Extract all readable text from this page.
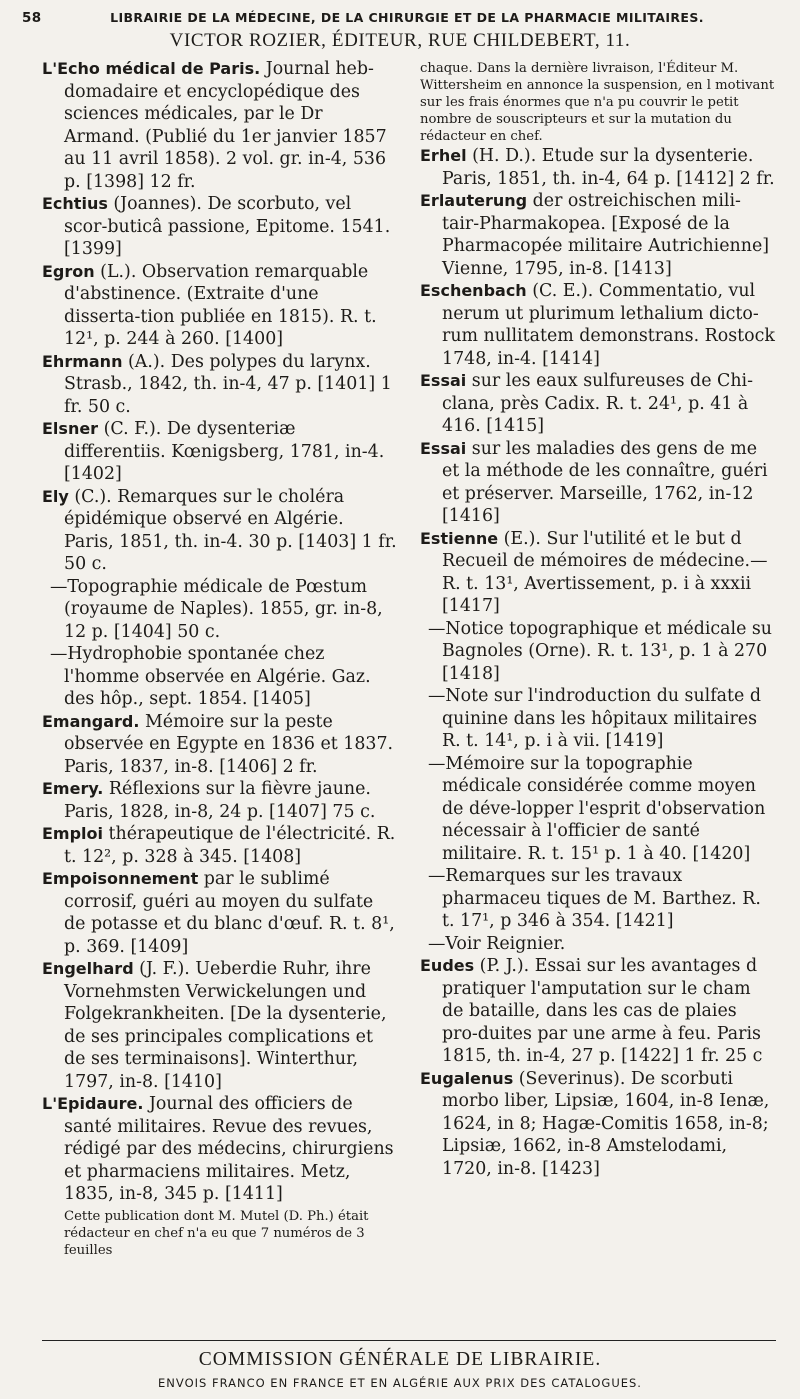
58	LIBRAIRIE DE LA MÉDECINE, DE LA CHIRURGIE ET DE LA PHARMACIE MILITAIRES.
VICTOR ROZIER, ÉDITEUR, RUE CHILDEBERT, 11.
L'Echo médical de Paris. Journal heb-domadaire et encyclopédique des sciences médicales, par le Dr Armand. (Publié du 1er janvier 1857 au 11 avril 1858). 2 vol. gr. in-4, 536 p. [1398] 12 fr.
Echtius (Joannes). De scorbuto, vel scor-buticâ passione, Epitome. 1541. [1399]
Egron (L.). Observation remarquable d'abstinence. (Extraite d'une disserta-tion publiée en 1815). R. t. 12¹, p. 244 à 260. [1400]
Ehrmann (A.). Des polypes du larynx. Strasb., 1842, th. in-4, 47 p. [1401] 1 fr. 50 c.
Elsner (C. F.). De dysenteriæ differentiis. Kœnigsberg, 1781, in-4. [1402]
Ely (C.). Remarques sur le choléra épidémique observé en Algérie. Paris, 1851, th. in-4. 30 p. [1403] 1 fr. 50 c.
—Topographie médicale de Pœstum (royaume de Naples). 1855, gr. in-8, 12 p. [1404] 50 c.
—Hydrophobie spontanée chez l'homme observée en Algérie. Gaz. des hôp., sept. 1854. [1405]
Emangard. Mémoire sur la peste observée en Egypte en 1836 et 1837. Paris, 1837, in-8. [1406] 2 fr.
Emery. Réflexions sur la fièvre jaune. Paris, 1828, in-8, 24 p. [1407] 75 c.
Emploi thérapeutique de l'électricité. R. t. 12², p. 328 à 345. [1408]
Empoisonnement par le sublimé corrosif, guéri au moyen du sulfate de potasse et du blanc d'œuf. R. t. 8¹, p. 369. [1409]
Engelhard (J. F.). Ueberdie Ruhr, ihre Vornehmsten Verwickelungen und Folgekrankheiten. [De la dysenterie, de ses principales complications et de ses terminaisons]. Winterthur, 1797, in-8. [1410]
L'Epidaure. Journal des officiers de santé militaires. Revue des revues, rédigé par des médecins, chirurgiens et pharmaciens militaires. Metz, 1835, in-8, 345 p. [1411]
Cette publication dont M. Mutel (D. Ph.) était rédacteur en chef n'a eu que 7 numéros de 3 feuilles
chaque. Dans la dernière livraison, l'Éditeur M. Wittersheim en annonce la suspension, en l motivant sur les frais énormes que n'a pu couvrir le petit nombre de souscripteurs et sur la mutation du rédacteur en chef.
Erhel (H. D.). Etude sur la dysenterie. Paris, 1851, th. in-4, 64 p. [1412] 2 fr.
Erlauterung der ostreichischen mili-tair-Pharmakopea. [Exposé de la Pharmacopée militaire Autrichienne] Vienne, 1795, in-8. [1413]
Eschenbach (C. E.). Commentatio, vul nerum ut plurimum lethalium dicto-rum nullitatem demonstrans. Rostock 1748, in-4. [1414]
Essai sur les eaux sulfureuses de Chi-clana, près Cadix. R. t. 24¹, p. 41 à 416. [1415]
Essai sur les maladies des gens de me et la méthode de les connaître, guéri et préserver. Marseille, 1762, in-12 [1416]
Estienne (E.). Sur l'utilité et le but d Recueil de mémoires de médecine.— R. t. 13¹, Avertissement, p. i à xxxii [1417]
—Notice topographique et médicale su Bagnoles (Orne). R. t. 13¹, p. 1 à 270 [1418]
—Note sur l'indroduction du sulfate d quinine dans les hôpitaux militaires R. t. 14¹, p. i à vii. [1419]
—Mémoire sur la topographie médicale considérée comme moyen de déve-lopper l'esprit d'observation nécessair à l'officier de santé militaire. R. t. 15¹ p. 1 à 40. [1420]
—Remarques sur les travaux pharmaceu tiques de M. Barthez. R. t. 17¹, p 346 à 354. [1421]
—Voir Reignier.
Eudes (P. J.). Essai sur les avantages d pratiquer l'amputation sur le cham de bataille, dans les cas de plaies pro-duites par une arme à feu. Paris 1815, th. in-4, 27 p. [1422] 1 fr. 25 c
Eugalenus (Severinus). De scorbuti morbo liber, Lipsiæ, 1604, in-8 Ienæ, 1624, in 8; Hagæ-Comitis 1658, in-8; Lipsiæ, 1662, in-8 Amstelodami, 1720, in-8. [1423]
COMMISSION GÉNÉRALE DE LIBRAIRIE.
ENVOIS FRANCO EN FRANCE ET EN ALGÉRIE AUX PRIX DES CATALOGUES.
